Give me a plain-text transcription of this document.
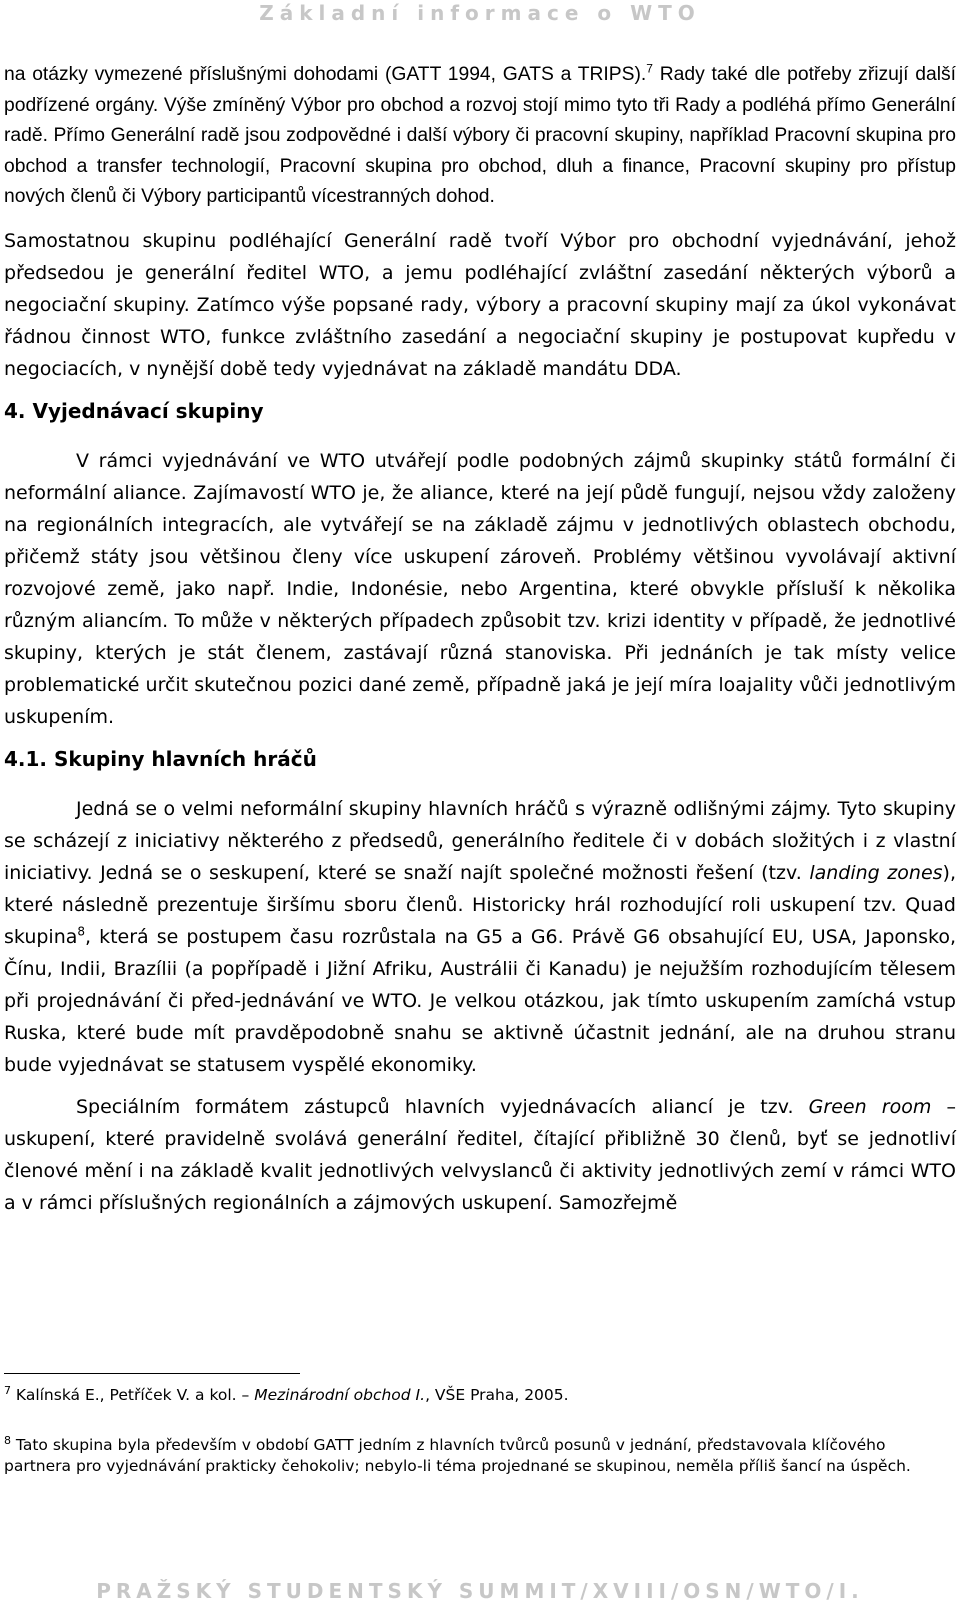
Základní informace o WTO

na otázky vymezené příslušnými dohodami (GATT 1994, GATS a TRIPS).$^7$ Rady také dle potřeby zřizují další podřízené orgány. Výše zmíněný Výbor pro obchod a rozvoj stojí mimo tyto tři Rady a podléhá přímo Generální radě. Přímo Generální radě jsou zodpovědné i další výbory či pracovní skupiny, například Pracovní skupina pro obchod a transfer technologií, Pracovní skupina pro obchod, dluh a finance, Pracovní skupiny pro přístup nových členů či Výbory participantů vícestranných dohod.

Samostatnou skupinu podléhající Generální radě tvoří Výbor pro obchodní vyjednávání, jehož předsedou je generální ředitel WTO, a jemu podléhající zvláštní zasedání některých výborů a negociační skupiny. Zatímco výše popsané rady, výbory a pracovní skupiny mají za úkol vykonávat řádnou činnost WTO, funkce zvláštního zasedání a negociační skupiny je postupovat kupředu v negociacích, v nynější době tedy vyjednávat na základě mandátu DDA.

4. Vyjednávací skupiny

V rámci vyjednávání ve WTO utvářejí podle podobných zájmů skupinky států formální či neformální aliance. Zajímavostí WTO je, že aliance, které na její půdě fungují, nejsou vždy založeny na regionálních integracích, ale vytvářejí se na základě zájmu v jednotlivých oblastech obchodu, přičemž státy jsou většinou členy více uskupení zároveň. Problémy většinou vyvolávají aktivní rozvojové země, jako např. Indie, Indonésie, nebo Argentina, které obvykle přísluší k několika různým aliancím. To může v některých případech způsobit tzv. krizi identity v případě, že jednotlivé skupiny, kterých je stát členem, zastávají různá stanoviska. Při jednáních je tak místy velice problematické určit skutečnou pozici dané země, případně jaká je její míra loajality vůči jednotlivým uskupením.

4.1. Skupiny hlavních hráčů

Jedná se o velmi neformální skupiny hlavních hráčů s výrazně odlišnými zájmy. Tyto skupiny se scházejí z iniciativy některého z předsedů, generálního ředitele či v dobách složitých i z vlastní iniciativy. Jedná se o seskupení, které se snaží najít společné možnosti řešení (tzv. landing zones), které následně prezentuje širšímu sboru členů. Historicky hrál rozhodující roli uskupení tzv. Quad skupina$^8$, která se postupem času rozrůstala na G5 a G6. Právě G6 obsahující EU, USA, Japonsko, Čínu, Indii, Brazílii (a popřípadě i Jižní Afriku, Austrálii či Kanadu) je nejužším rozhodujícím tělesem při projednávání či před-jednávání ve WTO. Je velkou otázkou, jak tímto uskupením zamíchá vstup Ruska, které bude mít pravděpodobně snahu se aktivně účastnit jednání, ale na druhou stranu bude vyjednávat se statusem vyspělé ekonomiky.

Speciálním formátem zástupců hlavních vyjednávacích aliancí je tzv. Green room – uskupení, které pravidelně svolává generální ředitel, čítající přibližně 30 členů, byť se jednotliví členové mění i na základě kvalit jednotlivých velvyslanců či aktivity jednotlivých zemí v rámci WTO a v rámci příslušných regionálních a zájmových uskupení. Samozřejmě

$^7$ Kalínská E., Petříček V. a kol. – Mezinárodní obchod I., VŠE Praha, 2005.
$^8$ Tato skupina byla především v období GATT jedním z hlavních tvůrců posunů v jednání, představovala klíčového partnera pro vyjednávání prakticky čehokoliv; nebylo-li téma projednané se skupinou, neměla příliš šancí na úspěch.
PRAŽSKÝ STUDENTSKÝ SUMMIT/XVIII/OSN/WTO/I.
